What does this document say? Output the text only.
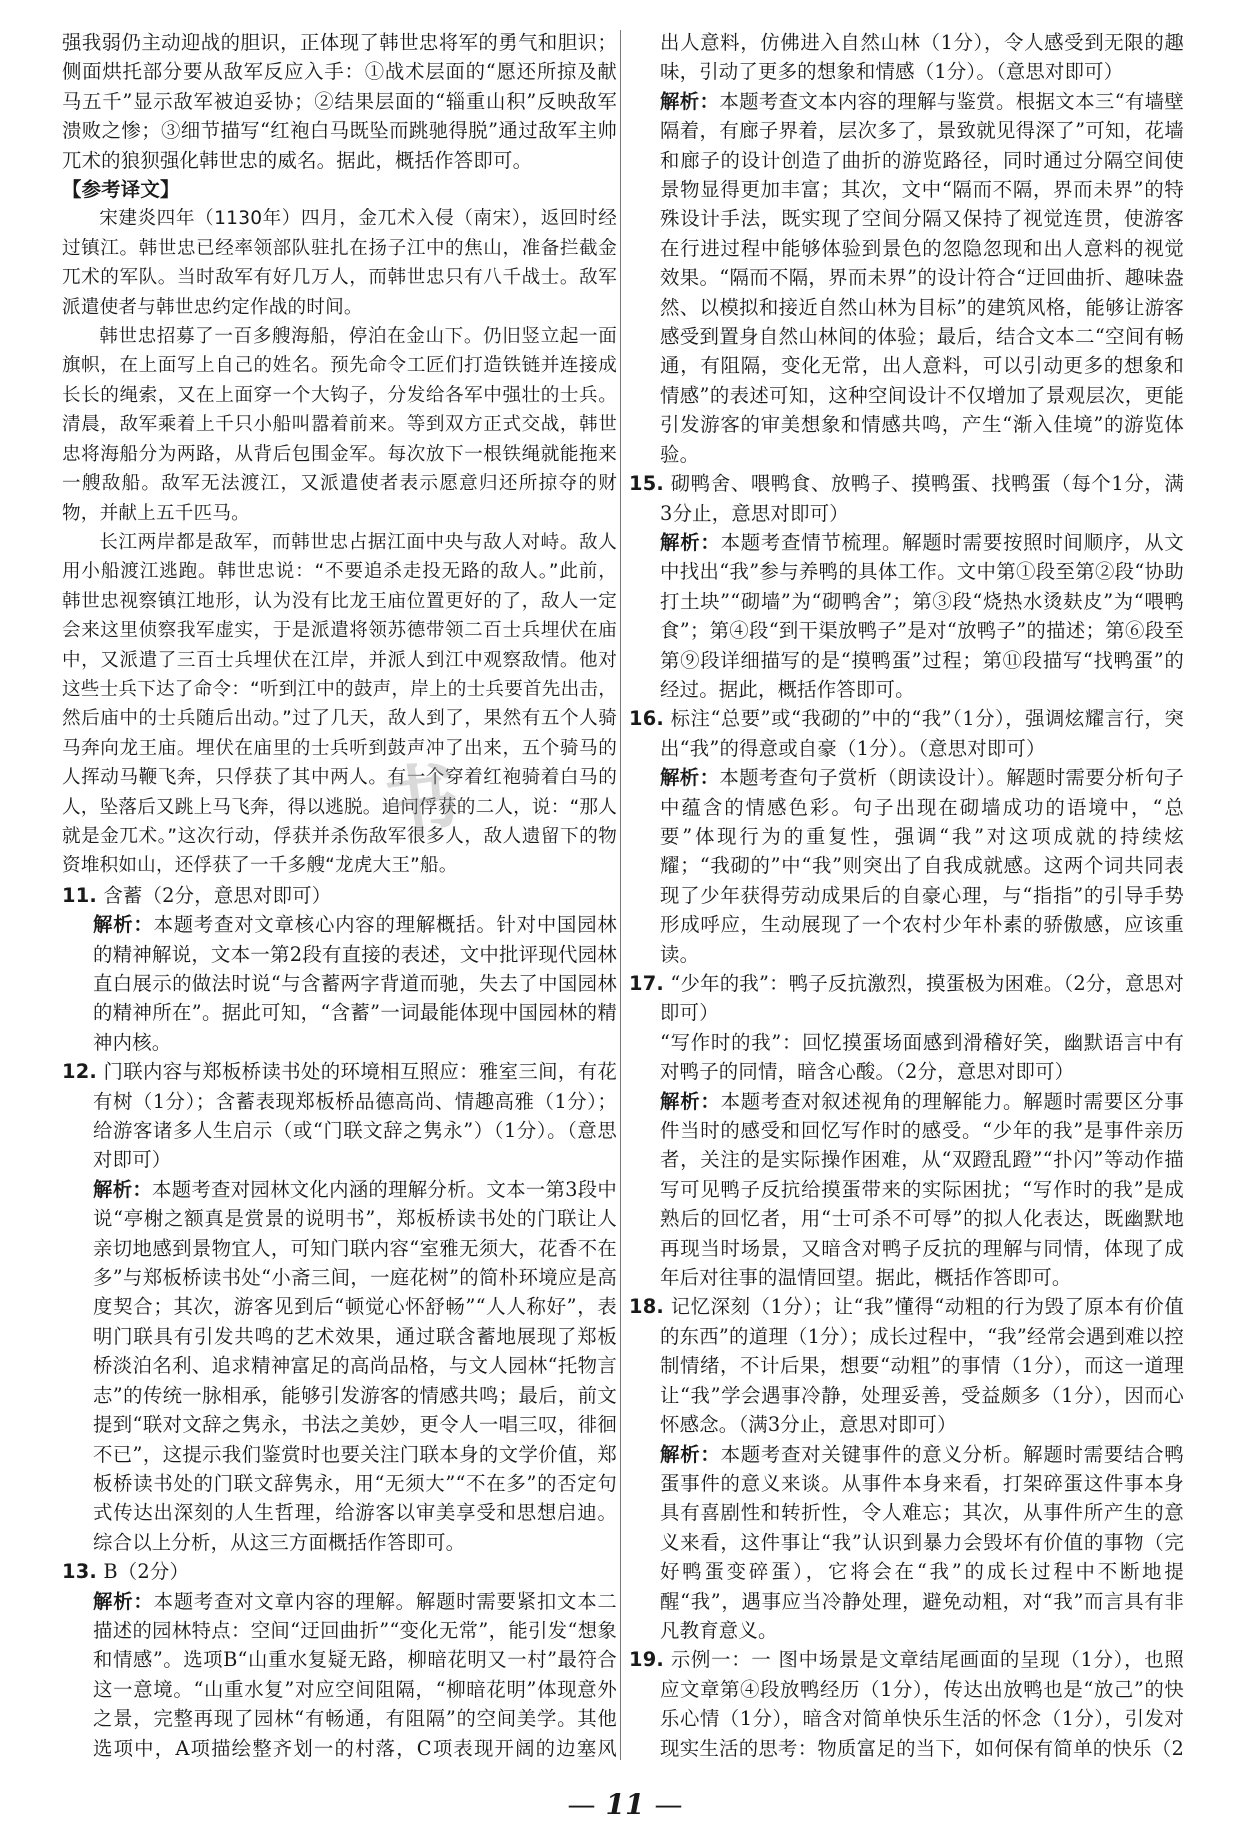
强我弱仍主动迎战的胆识，正体现了韩世忠将军的勇气和胆识；侧面烘托部分要从敌军反应入手：①战术层面的“愿还所掠及献马五千”显示敌军被迫妥协；②结果层面的“辎重山积”反映敌军溃败之惨；③细节描写“红袍白马既坠而跳驰得脱”通过敌军主帅兀术的狼狈强化韩世忠的威名。据此，概括作答即可。

【参考译文】

宋建炎四年（1130年）四月，金兀术入侵（南宋），返回时经过镇江。韩世忠已经率领部队驻扎在扬子江中的焦山，准备拦截金兀术的军队。当时敌军有好几万人，而韩世忠只有八千战士。敌军派遣使者与韩世忠约定作战的时间。

韩世忠招募了一百多艘海船，停泊在金山下。仍旧竖立起一面旗帜，在上面写上自己的姓名。预先命令工匠们打造铁链并连接成长长的绳索，又在上面穿一个大钩子，分发给各军中强壮的士兵。清晨，敌军乘着上千只小船叫嚣着前来。等到双方正式交战，韩世忠将海船分为两路，从背后包围金军。每次放下一根铁绳就能拖来一艘敌船。敌军无法渡江，又派遣使者表示愿意归还所掠夺的财物，并献上五千匹马。

长江两岸都是敌军，而韩世忠占据江面中央与敌人对峙。敌人用小船渡江逃跑。韩世忠说：“不要追杀走投无路的敌人。”此前，韩世忠视察镇江地形，认为没有比龙王庙位置更好的了，敌人一定会来这里侦察我军虚实，于是派遣将领苏德带领二百士兵埋伏在庙中，又派遣了三百士兵埋伏在江岸，并派人到江中观察敌情。他对这些士兵下达了命令：“听到江中的鼓声，岸上的士兵要首先出击，然后庙中的士兵随后出动。”过了几天，敌人到了，果然有五个人骑马奔向龙王庙。埋伏在庙里的士兵听到鼓声冲了出来，五个骑马的人挥动马鞭飞奔，只俘获了其中两人。有一个穿着红袍骑着白马的人，坠落后又跳上马飞奔，得以逃脱。追问俘获的二人，说：“那人就是金兀术。”这次行动，俘获并杀伤敌军很多人，敌人遗留下的物资堆积如山，还俘获了一千多艘“龙虎大王”船。

11. 含蓄（2分，意思对即可）

解析：本题考查对文章核心内容的理解概括。针对中国园林的精神解说，文本一第2段有直接的表述，文中批评现代园林直白展示的做法时说“与含蓄两字背道而驰，失去了中国园林的精神所在”。据此可知，“含蓄”一词最能体现中国园林的精神内核。

12. 门联内容与郑板桥读书处的环境相互照应：雅室三间，有花有树（1分）；含蓄表现郑板桥品德高尚、情趣高雅（1分）；给游客诸多人生启示（或“门联文辞之隽永”）（1分）。（意思对即可）

解析：本题考查对园林文化内涵的理解分析。文本一第3段中说“亭榭之额真是赏景的说明书”，郑板桥读书处的门联让人亲切地感到景物宜人，可知门联内容“室雅无须大，花香不在多”与郑板桥读书处“小斋三间，一庭花树”的简朴环境应是高度契合；其次，游客见到后“顿觉心怀舒畅”“人人称好”，表明门联具有引发共鸣的艺术效果，通过联含蓄地展现了郑板桥淡泊名利、追求精神富足的高尚品格，与文人园林“托物言志”的传统一脉相承，能够引发游客的情感共鸣；最后，前文提到“联对文辞之隽永，书法之美妙，更令人一唱三叹，徘徊不已”，这提示我们鉴赏时也要关注门联本身的文学价值，郑板桥读书处的门联文辞隽永，用“无须大”“不在多”的否定句式传达出深刻的人生哲理，给游客以审美享受和思想启迪。综合以上分析，从这三方面概括作答即可。

13. B（2分）

解析：本题考查对文章内容的理解。解题时需要紧扣文本二描述的园林特点：空间“迂回曲折”“变化无常”，能引发“想象和情感”。选项B“山重水复疑无路，柳暗花明又一村”最符合这一意境。“山重水复”对应空间阻隔，“柳暗花明”体现意外之景，完整再现了园林“有畅通，有阻隔”的空间美学。其他选项中，A项描绘整齐划一的村落，C项表现开阔的边塞风

出人意料，仿佛进入自然山林（1分），令人感受到无限的趣味，引动了更多的想象和情感（1分）。（意思对即可）

解析：本题考查文本内容的理解与鉴赏。根据文本三“有墙壁隔着，有廊子界着，层次多了，景致就见得深了”可知，花墙和廊子的设计创造了曲折的游览路径，同时通过分隔空间使景物显得更加丰富；其次，文中“隔而不隔，界而未界”的特殊设计手法，既实现了空间分隔又保持了视觉连贯，使游客在行进过程中能够体验到景色的忽隐忽现和出人意料的视觉效果。“隔而不隔，界而未界”的设计符合“迂回曲折、趣味盎然、以模拟和接近自然山林为目标”的建筑风格，能够让游客感受到置身自然山林间的体验；最后，结合文本二“空间有畅通，有阻隔，变化无常，出人意料，可以引动更多的想象和情感”的表述可知，这种空间设计不仅增加了景观层次，更能引发游客的审美想象和情感共鸣，产生“渐入佳境”的游览体验。

15. 砌鸭舍、喂鸭食、放鸭子、摸鸭蛋、找鸭蛋（每个1分，满3分止，意思对即可）

解析：本题考查情节梳理。解题时需要按照时间顺序，从文中找出“我”参与养鸭的具体工作。文中第①段至第②段“协助打土块”“砌墙”为“砌鸭舍”；第③段“烧热水烫麸皮”为“喂鸭食”；第④段“到干渠放鸭子”是对“放鸭子”的描述；第⑥段至第⑨段详细描写的是“摸鸭蛋”过程；第⑪段描写“找鸭蛋”的经过。据此，概括作答即可。

16. 标注“总要”或“我砌的”中的“我”（1分），强调炫耀言行，突出“我”的得意或自豪（1分）。（意思对即可）

解析：本题考查句子赏析（朗读设计）。解题时需要分析句子中蕴含的情感色彩。句子出现在砌墙成功的语境中，“总要”体现行为的重复性，强调“我”对这项成就的持续炫耀；“我砌的”中“我”则突出了自我成就感。这两个词共同表现了少年获得劳动成果后的自豪心理，与“指指”的引导手势形成呼应，生动展现了一个农村少年朴素的骄傲感，应该重读。

17. “少年的我”：鸭子反抗激烈，摸蛋极为困难。（2分，意思对即可）

“写作时的我”：回忆摸蛋场面感到滑稽好笑，幽默语言中有对鸭子的同情，暗含心酸。（2分，意思对即可）

解析：本题考查对叙述视角的理解能力。解题时需要区分事件当时的感受和回忆写作时的感受。“少年的我”是事件亲历者，关注的是实际操作困难，从“双蹬乱蹬”“扑闪”等动作描写可见鸭子反抗给摸蛋带来的实际困扰；“写作时的我”是成熟后的回忆者，用“士可杀不可辱”的拟人化表达，既幽默地再现当时场景，又暗含对鸭子反抗的理解与同情，体现了成年后对往事的温情回望。据此，概括作答即可。

18. 记忆深刻（1分）；让“我”懂得“动粗的行为毁了原本有价值的东西”的道理（1分）；成长过程中，“我”经常会遇到难以控制情绪，不计后果，想要“动粗”的事情（1分），而这一道理让“我”学会遇事冷静，处理妥善，受益颇多（1分），因而心怀感念。（满3分止，意思对即可）

解析：本题考查对关键事件的意义分析。解题时需要结合鸭蛋事件的意义来谈。从事件本身来看，打架碎蛋这件事本身具有喜剧性和转折性，令人难忘；其次，从事件所产生的意义来看，这件事让“我”认识到暴力会毁坏有价值的事物（完好鸭蛋变碎蛋），它将会在“我”的成长过程中不断地提醒“我”，遇事应当冷静处理，避免动粗，对“我”而言具有非凡教育意义。

19. 示例一：一 图中场景是文章结尾画面的呈现（1分），也照应文章第④段放鸭经历（1分），传达出放鸭也是“放己”的快乐心情（1分），暗含对简单快乐生活的怀念（1分），引发对现实生活的思考：物质富足的当下，如何保有简单的快乐（2

书
— 11 —
